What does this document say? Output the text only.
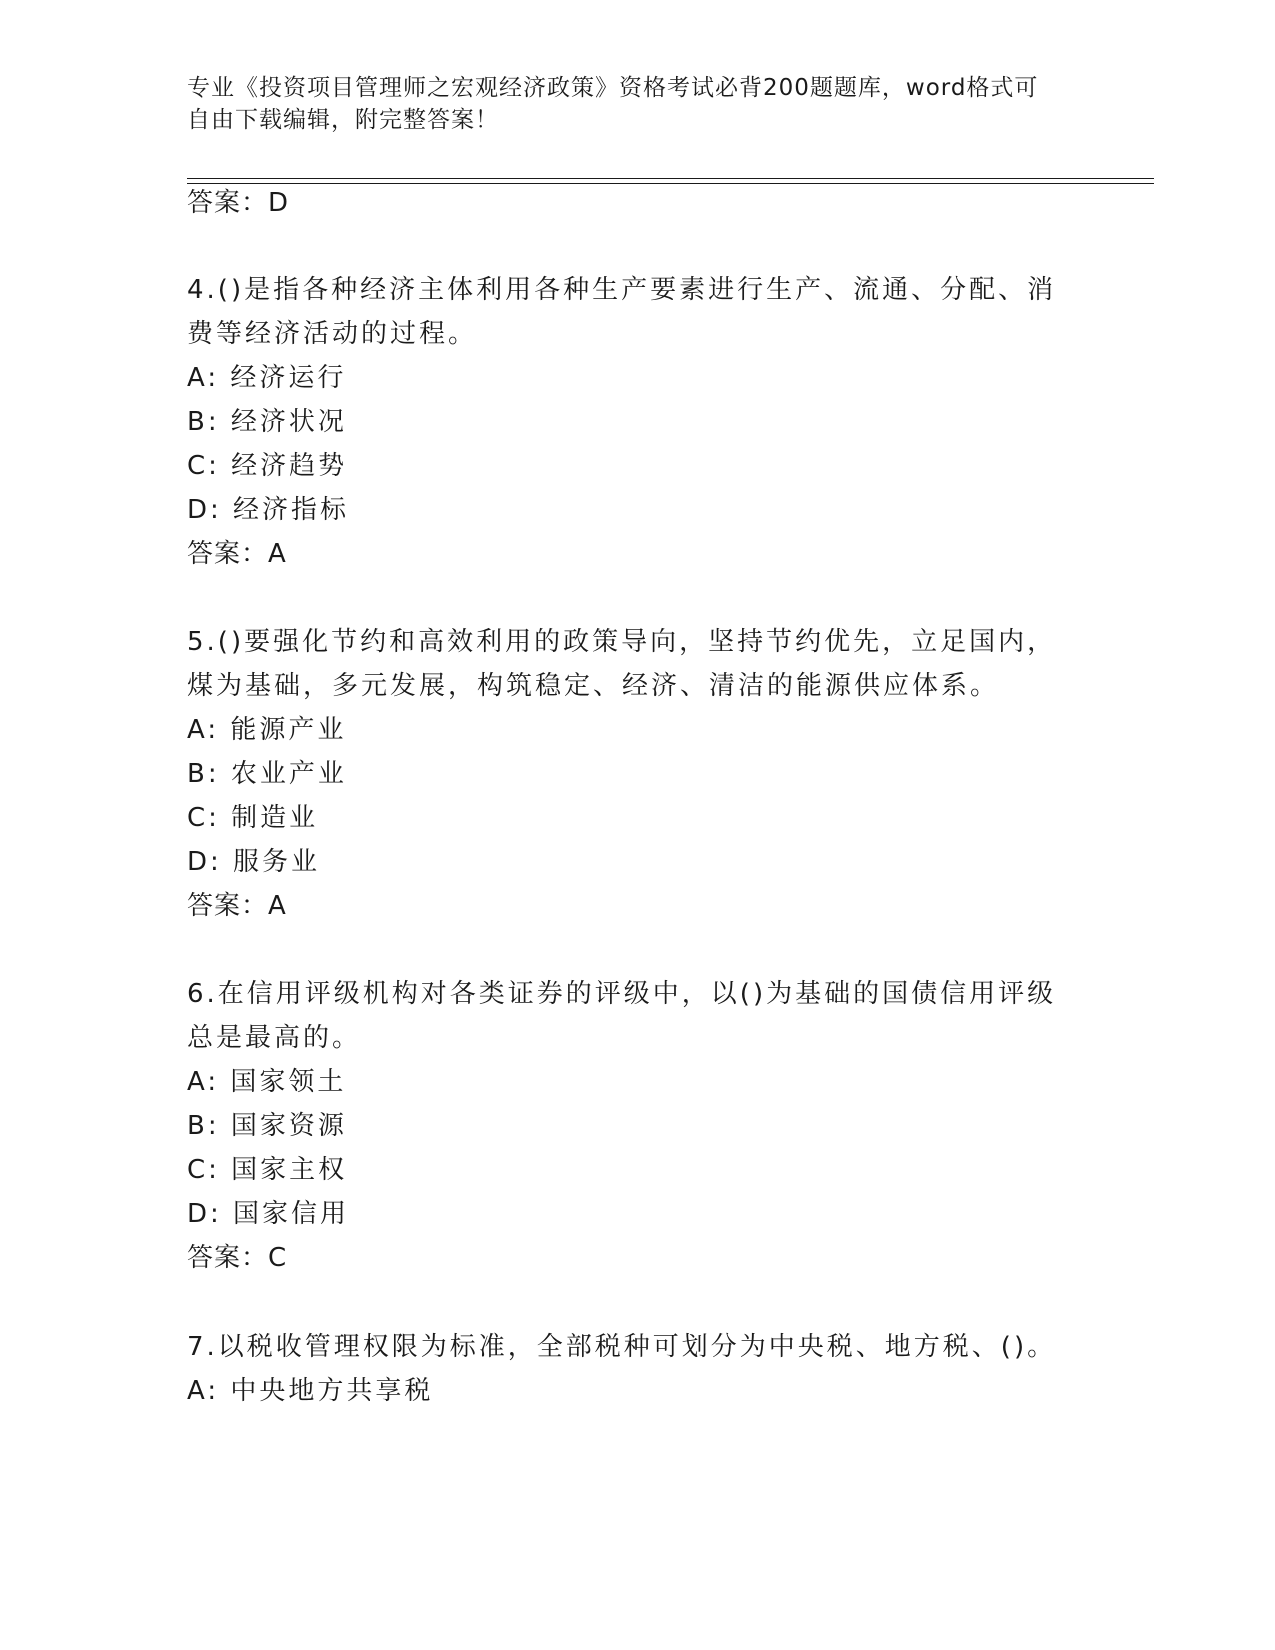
专业《投资项目管理师之宏观经济政策》资格考试必背200题题库，word格式可
自由下载编辑，附完整答案！
答案：D
4.()是指各种经济主体利用各种生产要素进行生产、流通、分配、消
费等经济活动的过程。
A: 经济运行
B: 经济状况
C: 经济趋势
D: 经济指标
答案：A
5.()要强化节约和高效利用的政策导向，坚持节约优先，立足国内，
煤为基础，多元发展，构筑稳定、经济、清洁的能源供应体系。
A: 能源产业
B: 农业产业
C: 制造业
D: 服务业
答案：A
6.在信用评级机构对各类证券的评级中，以()为基础的国债信用评级
总是最高的。
A: 国家领土
B: 国家资源
C: 国家主权
D: 国家信用
答案：C
7.以税收管理权限为标准，全部税种可划分为中央税、地方税、()。
A: 中央地方共享税
